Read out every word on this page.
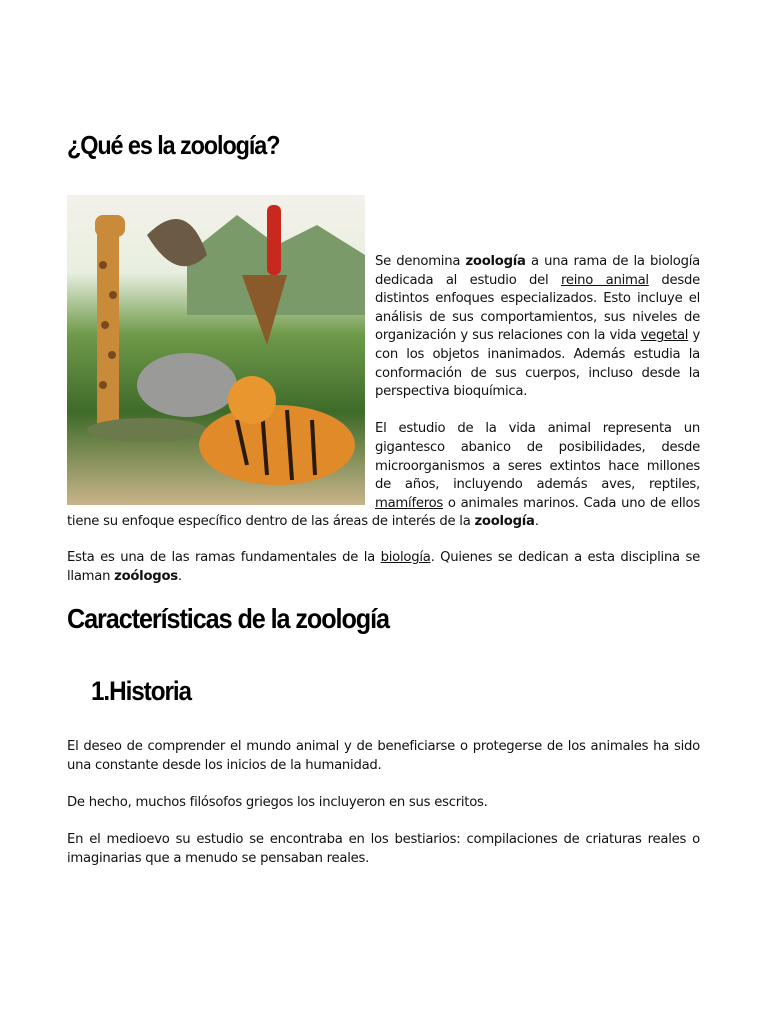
¿Qué es la zoología?

Se denomina zoología a una rama de la biología dedicada al estudio del reino animal desde distintos enfoques especializados. Esto incluye el análisis de sus comportamientos, sus niveles de organización y sus relaciones con la vida vegetal y con los objetos inanimados. Además estudia la conformación de sus cuerpos, incluso desde la perspectiva bioquímica.

El estudio de la vida animal representa un gigantesco abanico de posibilidades, desde microorganismos a seres extintos hace millones de años, incluyendo además aves, reptiles, mamíferos o animales marinos. Cada uno de ellos tiene su enfoque específico dentro de las áreas de interés de la zoología.

Esta es una de las ramas fundamentales de la biología. Quienes se dedican a esta disciplina se llaman zoólogos.

Características de la zoología
1.Historia

El deseo de comprender el mundo animal y de beneficiarse o protegerse de los animales ha sido una constante desde los inicios de la humanidad.

De hecho, muchos filósofos griegos los incluyeron en sus escritos.

En el medioevo su estudio se encontraba en los bestiarios: compilaciones de criaturas reales o imaginarias que a menudo se pensaban reales.
